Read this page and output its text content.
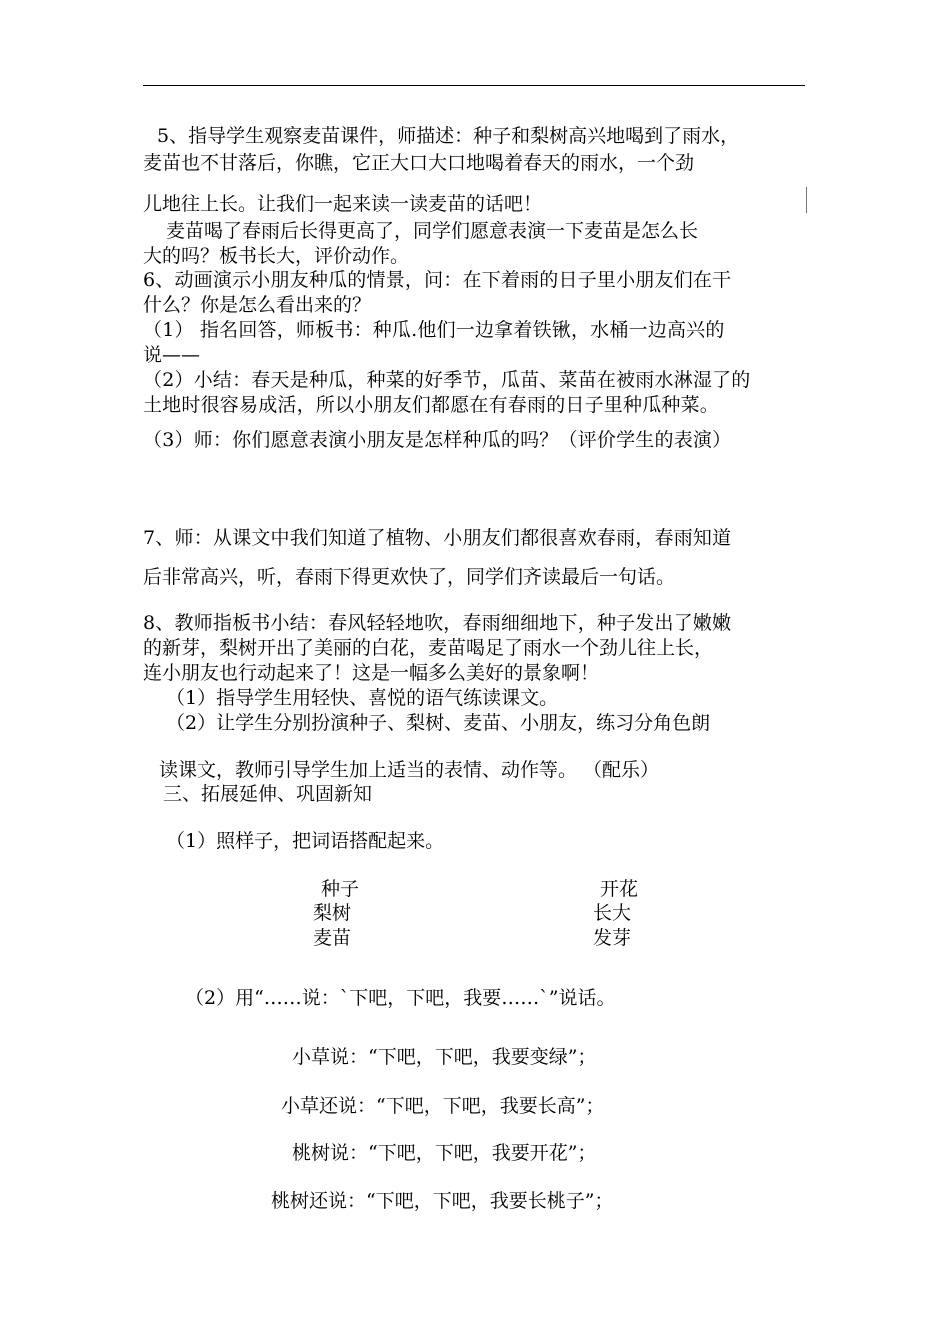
5、指导学生观察麦苗课件，师描述：种子和梨树高兴地喝到了雨水，
麦苗也不甘落后，你瞧，它正大口大口地喝着春天的雨水，一个劲
儿地往上长。让我们一起来读一读麦苗的话吧！
麦苗喝了春雨后长得更高了，同学们愿意表演一下麦苗是怎么长
大的吗？板书长大，评价动作。
6、动画演示小朋友种瓜的情景，问：在下着雨的日子里小朋友们在干
什么？你是怎么看出来的？
（1） 指名回答，师板书：种瓜.他们一边拿着铁锹，水桶一边高兴的
说——
（2）小结：春天是种瓜，种菜的好季节，瓜苗、菜苗在被雨水淋湿了的
土地时很容易成活，所以小朋友们都愿在有春雨的日子里种瓜种菜。
（3）师：你们愿意表演小朋友是怎样种瓜的吗？（评价学生的表演）
7、师：从课文中我们知道了植物、小朋友们都很喜欢春雨，春雨知道
后非常高兴，听，春雨下得更欢快了，同学们齐读最后一句话。
8、教师指板书小结：春风轻轻地吹，春雨细细地下，种子发出了嫩嫩
的新芽，梨树开出了美丽的白花，麦苗喝足了雨水一个劲儿往上长，
连小朋友也行动起来了！这是一幅多么美好的景象啊！
（1）指导学生用轻快、喜悦的语气练读课文。
（2）让学生分别扮演种子、梨树、麦苗、小朋友，练习分角色朗
读课文，教师引导学生加上适当的表情、动作等。 （配乐）
三、拓展延伸、巩固新知
（1）照样子，把词语搭配起来。
种子	开花
梨树	长大
麦苗	发芽
（2）用“……说：`下吧，下吧，我要……`”说话。
小草说：“下吧，下吧，我要变绿”；
小草还说：“下吧，下吧，我要长高”；
桃树说：“下吧，下吧，我要开花”；
桃树还说：“下吧，下吧，我要长桃子”；
